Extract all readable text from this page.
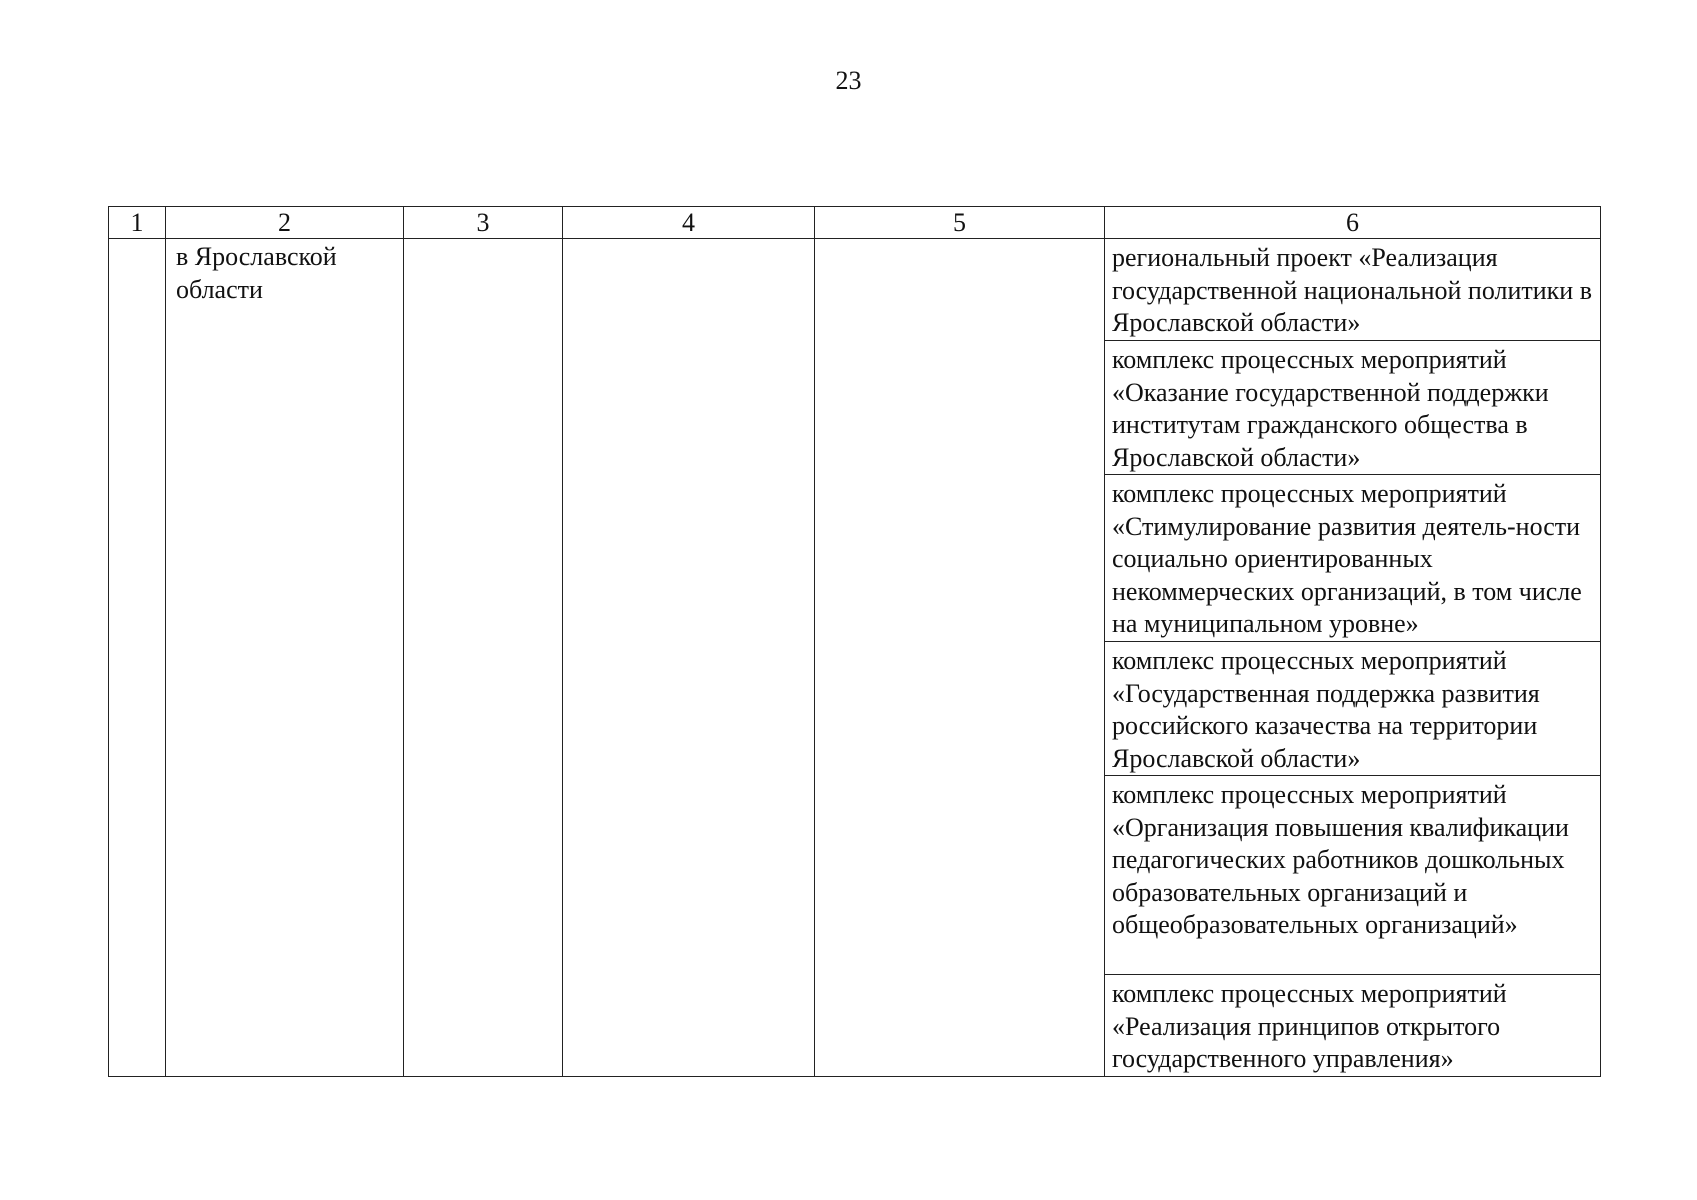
23
1	2	3	4	5	6
	в Ярославской области				региональный проект «Реализация государственной национальной политики в Ярославской области»
					комплекс процессных мероприятий «Оказание государственной поддержки институтам гражданского общества в Ярославской области»
					комплекс процессных мероприятий «Стимулирование развития деятель-ности социально ориентированных некоммерческих организаций, в том числе на муниципальном уровне»
					комплекс процессных мероприятий «Государственная поддержка развития российского казачества на территории Ярославской области»
					комплекс процессных мероприятий «Организация повышения квалификации педагогических работников дошкольных образовательных организаций и общеобразовательных организаций»
					комплекс процессных мероприятий «Реализация принципов открытого государственного управления»
